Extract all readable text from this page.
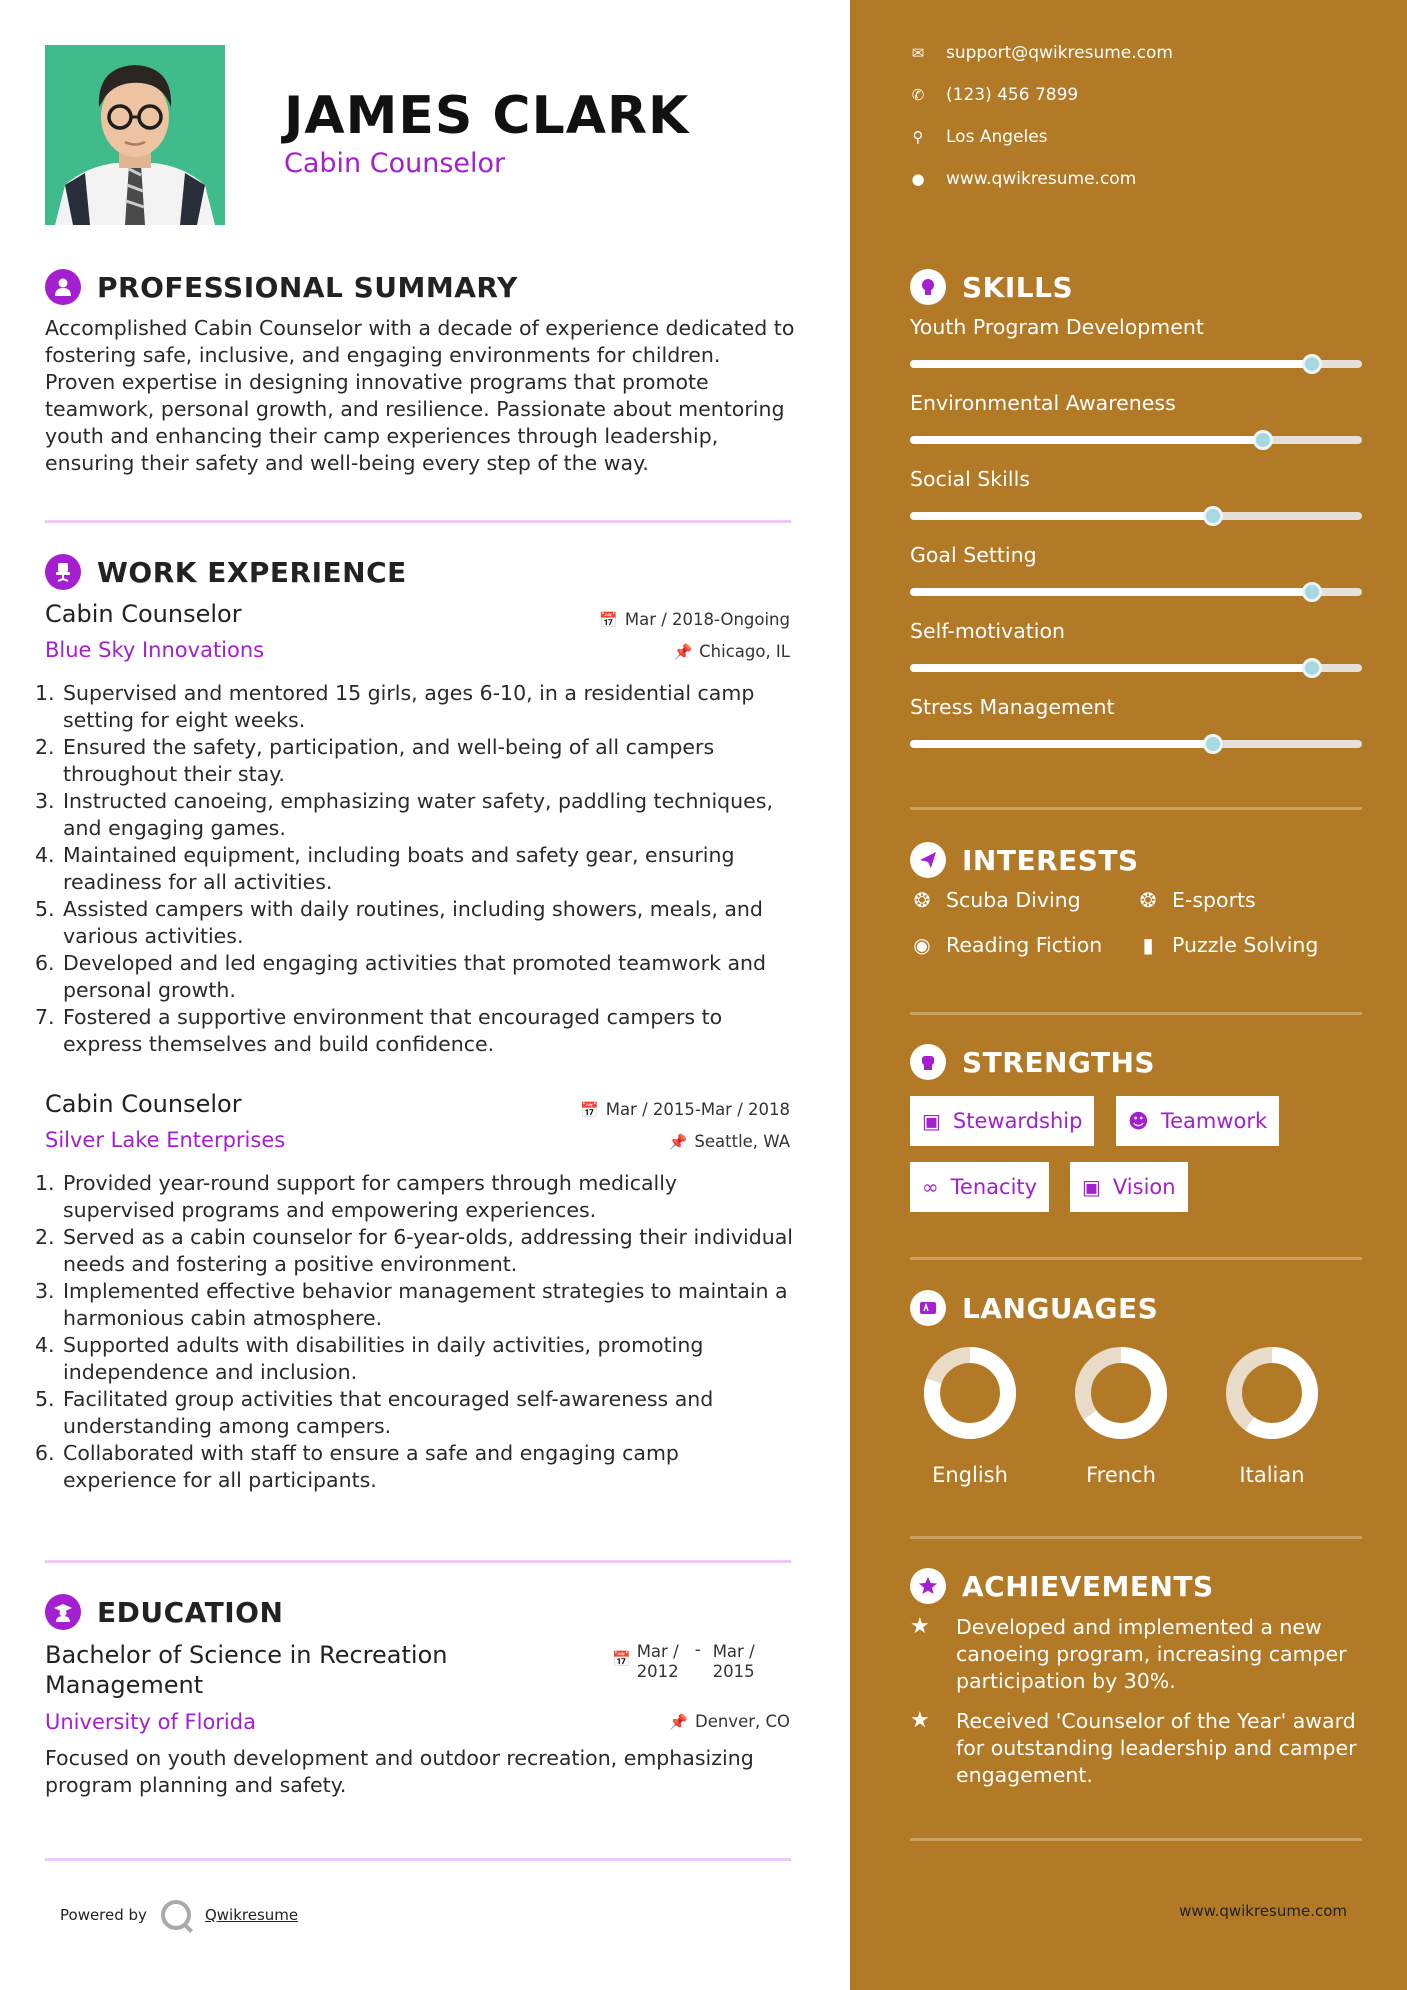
JAMES CLARK
Cabin Counselor
PROFESSIONAL SUMMARY
Accomplished Cabin Counselor with a decade of experience dedicated to fostering safe, inclusive, and engaging environments for children. Proven expertise in designing innovative programs that promote teamwork, personal growth, and resilience. Passionate about mentoring youth and enhancing their camp experiences through leadership, ensuring their safety and well-being every step of the way.
WORK EXPERIENCE
Cabin Counselor
Blue Sky Innovations
📅 Mar / 2018-Ongoing
📌 Chicago, IL
1. Supervised and mentored 15 girls, ages 6-10, in a residential camp setting for eight weeks.
2. Ensured the safety, participation, and well-being of all campers throughout their stay.
3. Instructed canoeing, emphasizing water safety, paddling techniques, and engaging games.
4. Maintained equipment, including boats and safety gear, ensuring readiness for all activities.
5. Assisted campers with daily routines, including showers, meals, and various activities.
6. Developed and led engaging activities that promoted teamwork and personal growth.
7. Fostered a supportive environment that encouraged campers to express themselves and build confidence.
Cabin Counselor
Silver Lake Enterprises
📅 Mar / 2015-Mar / 2018
📌 Seattle, WA
1. Provided year-round support for campers through medically supervised programs and empowering experiences.
2. Served as a cabin counselor for 6-year-olds, addressing their individual needs and fostering a positive environment.
3. Implemented effective behavior management strategies to maintain a harmonious cabin atmosphere.
4. Supported adults with disabilities in daily activities, promoting independence and inclusion.
5. Facilitated group activities that encouraged self-awareness and understanding among campers.
6. Collaborated with staff to ensure a safe and engaging camp experience for all participants.
EDUCATION
Bachelor of Science in Recreation Management
University of Florida
📅 Mar / 2012
- Mar / 2015
📌 Denver, CO
Focused on youth development and outdoor recreation, emphasizing program planning and safety.
Powered by	Qwikresume
✉ support@qwikresume.com
✆ (123) 456 7899
⚲ Los Angeles
● www.qwikresume.com
SKILLS
Youth Program Development
Environmental Awareness
Social Skills
Goal Setting
Self-motivation
Stress Management
INTERESTS
❂ Scuba Diving	❂ E-sports
◉ Reading Fiction	▮ Puzzle Solving
STRENGTHS
▣ Stewardship ☻ Teamwork
∞ Tenacity ▣ Vision
LANGUAGES
English	French	Italian
ACHIEVEMENTS
★	Developed and implemented a new canoeing program, increasing camper participation by 30%.
★	Received 'Counselor of the Year' award for outstanding leadership and camper engagement.
www.qwikresume.com
